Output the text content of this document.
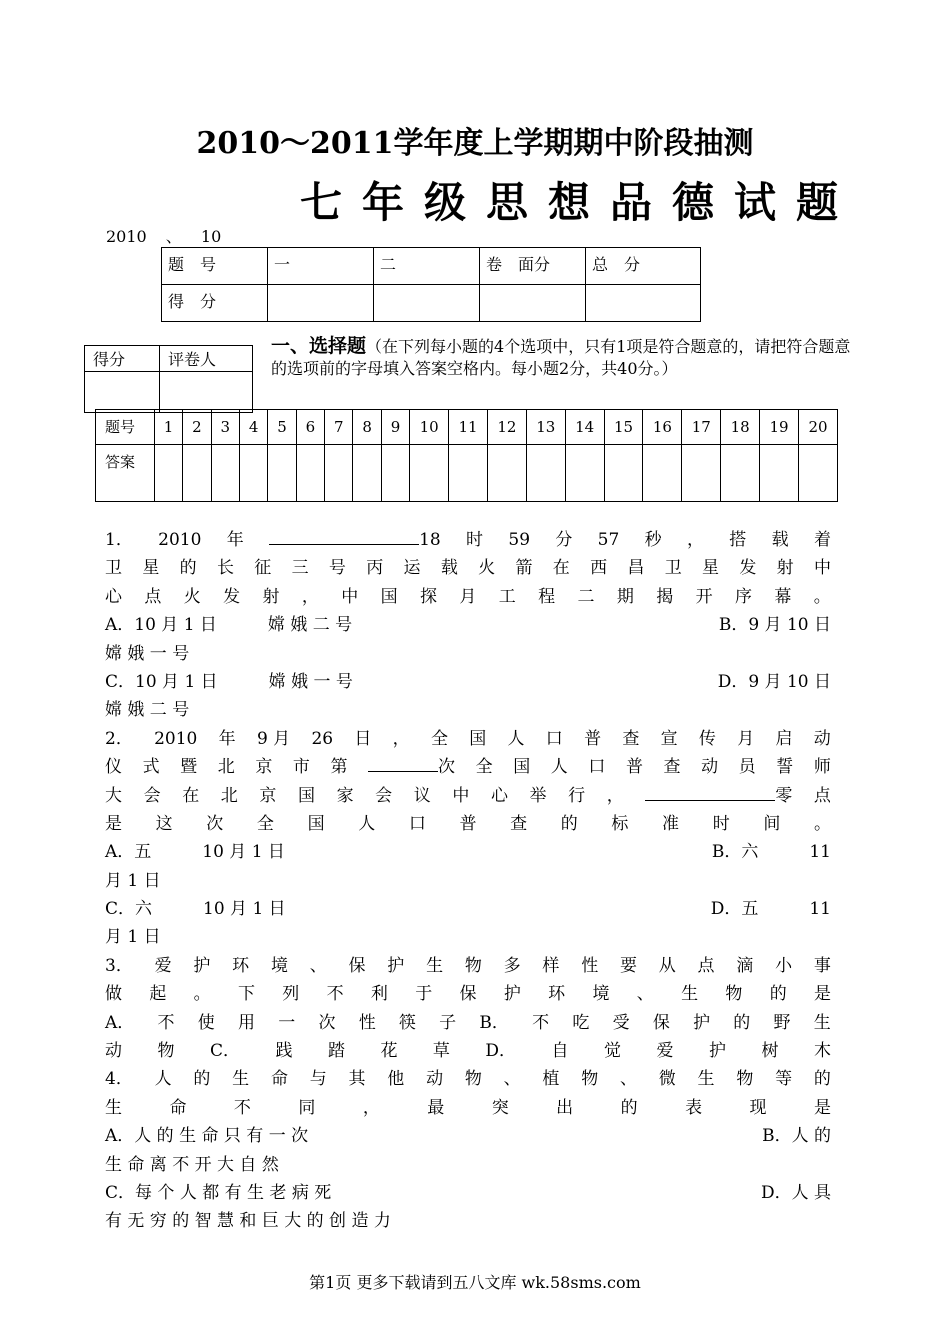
2010～2011学年度上学期期中阶段抽测
七年级思想品德试题
2010 、 10
题　号	一	二	卷　面分	总　分
得　分				
得分	评卷人

一、选择题（在下列每小题的4个选项中，只有1项是符合题意的，请把符合题意的选项前的字母填入答案空格内。每小题2分，共40分。）
题号	1	2	3	4	5	6	7	8	9	10	11	12	13	14	15	16	17	18	19	20
答案																				
1． 2010 年	18 时 59 分 57 秒 ， 搭 载 着
卫 星 的 长 征 三 号 丙 运 载 火 箭 在 西 昌 卫 星 发 射 中
心 点 火 发 射 ， 中 国 探 月 工 程 二 期 揭 开 序 幕 。
A．10 月 1 日　　　嫦 娥 二 号	B．9 月 10 日
嫦 娥 一 号
C．10 月 1 日　　　嫦 娥 一 号	D．9 月 10 日
嫦 娥 二 号
2． 2010 年 9 月 26 日 ， 全 国 人 口 普 查 宣 传 月 启 动
仪 式 暨 北 京 市 第	次 全 国 人 口 普 查 动 员 誓 师
大 会 在 北 京 国 家 会 议 中 心 举 行 ，	零 点
是 这 次 全 国 人 口 普 查 的 标 准 时 间 。
A．五　　　10 月 1 日	B．六　　　11
月 1 日
C．六　　　10 月 1 日	D．五　　　11
月 1 日
3． 爱 护 环 境 、 保 护 生 物 多 样 性 要 从 点 滴 小 事
做 起 。 下 列 不 利 于 保 护 环 境 、 生 物 的 是
A． 不 使 用 一 次 性 筷 子 B． 不 吃 受 保 护 的 野 生
动 物 C． 践 踏 花 草 D． 自 觉 爱 护 树 木
4． 人 的 生 命 与 其 他 动 物 、 植 物 、 微 生 物 等 的
生	命	不	同	，	最	突	出	的	表	现	是
A．人 的 生 命 只 有 一 次	B．人 的
生 命 离 不 开 大 自 然
C．每 个 人 都 有 生 老 病 死	D．人 具
有 无 穷 的 智 慧 和 巨 大 的 创 造 力
第1页 更多下载请到五八文库 wk.58sms.com
